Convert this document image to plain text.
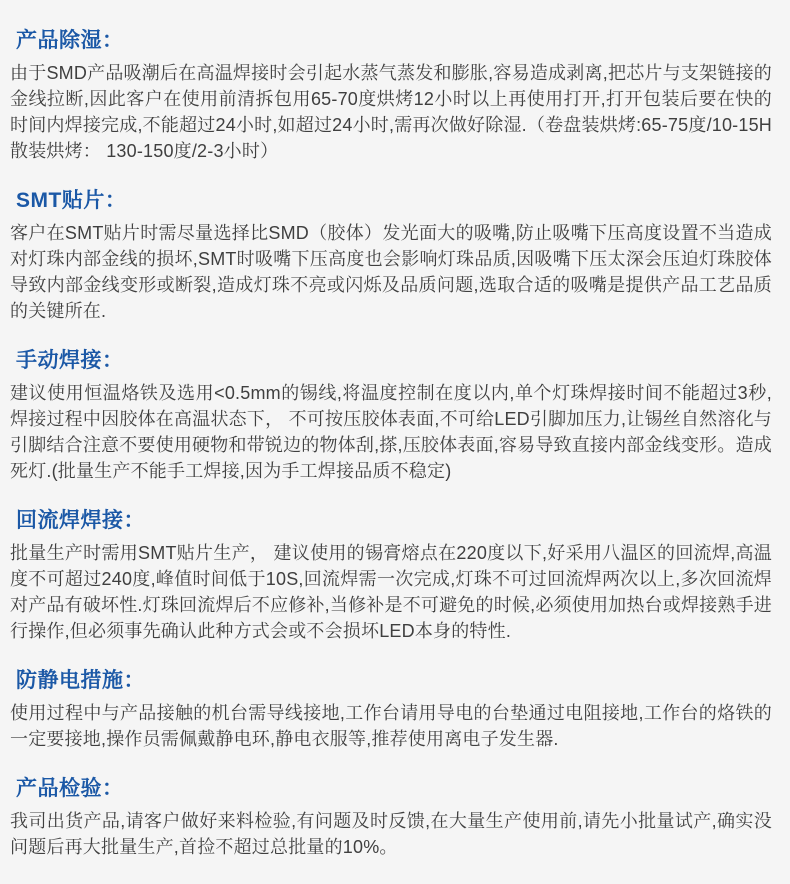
产品除湿：

由于SMD产品吸潮后在高温焊接时会引起水蒸气蒸发和膨胀,容易造成剥离,把芯片与支架链接的金线拉断,因此客户在使用前清拆包用65-70度烘烤12小时以上再使用打开,打开包装后要在快的时间内焊接完成,不能超过24小时,如超过24小时,需再次做好除湿.（卷盘装烘烤:65-75度/10-15H 散装烘烤： 130-150度/2-3小时）

SMT贴片：

客户在SMT贴片时需尽量选择比SMD（胶体）发光面大的吸嘴,防止吸嘴下压高度设置不当造成对灯珠内部金线的损坏,SMT时吸嘴下压高度也会影响灯珠品质,因吸嘴下压太深会压迫灯珠胶体导致内部金线变形或断裂,造成灯珠不亮或闪烁及品质问题,选取合适的吸嘴是提供产品工艺品质的关键所在.

手动焊接：

建议使用恒温烙铁及选用<0.5mm的锡线,将温度控制在度以内,单个灯珠焊接时间不能超过3秒,焊接过程中因胶体在高温状态下， 不可按压胶体表面,不可给LED引脚加压力,让锡丝自然溶化与引脚结合注意不要使用硬物和带锐边的物体刮,搽,压胶体表面,容易导致直接内部金线变形。造成死灯.(批量生产不能手工焊接,因为手工焊接品质不稳定)

回流焊焊接：

批量生产时需用SMT贴片生产， 建议使用的锡膏熔点在220度以下,好采用八温区的回流焊,高温度不可超过240度,峰值时间低于10S,回流焊需一次完成,灯珠不可过回流焊两次以上,多次回流焊对产品有破坏性.灯珠回流焊后不应修补,当修补是不可避免的时候,必须使用加热台或焊接熟手进行操作,但必须事先确认此种方式会或不会损坏LED本身的特性.

防静电措施：

使用过程中与产品接触的机台需导线接地,工作台请用导电的台垫通过电阻接地,工作台的烙铁的一定要接地,操作员需佩戴静电环,静电衣服等,推荐使用离电子发生器.

产品检验：

我司出货产品,请客户做好来料检验,有问题及时反馈,在大量生产使用前,请先小批量试产,确实没问题后再大批量生产,首捡不超过总批量的10%。
